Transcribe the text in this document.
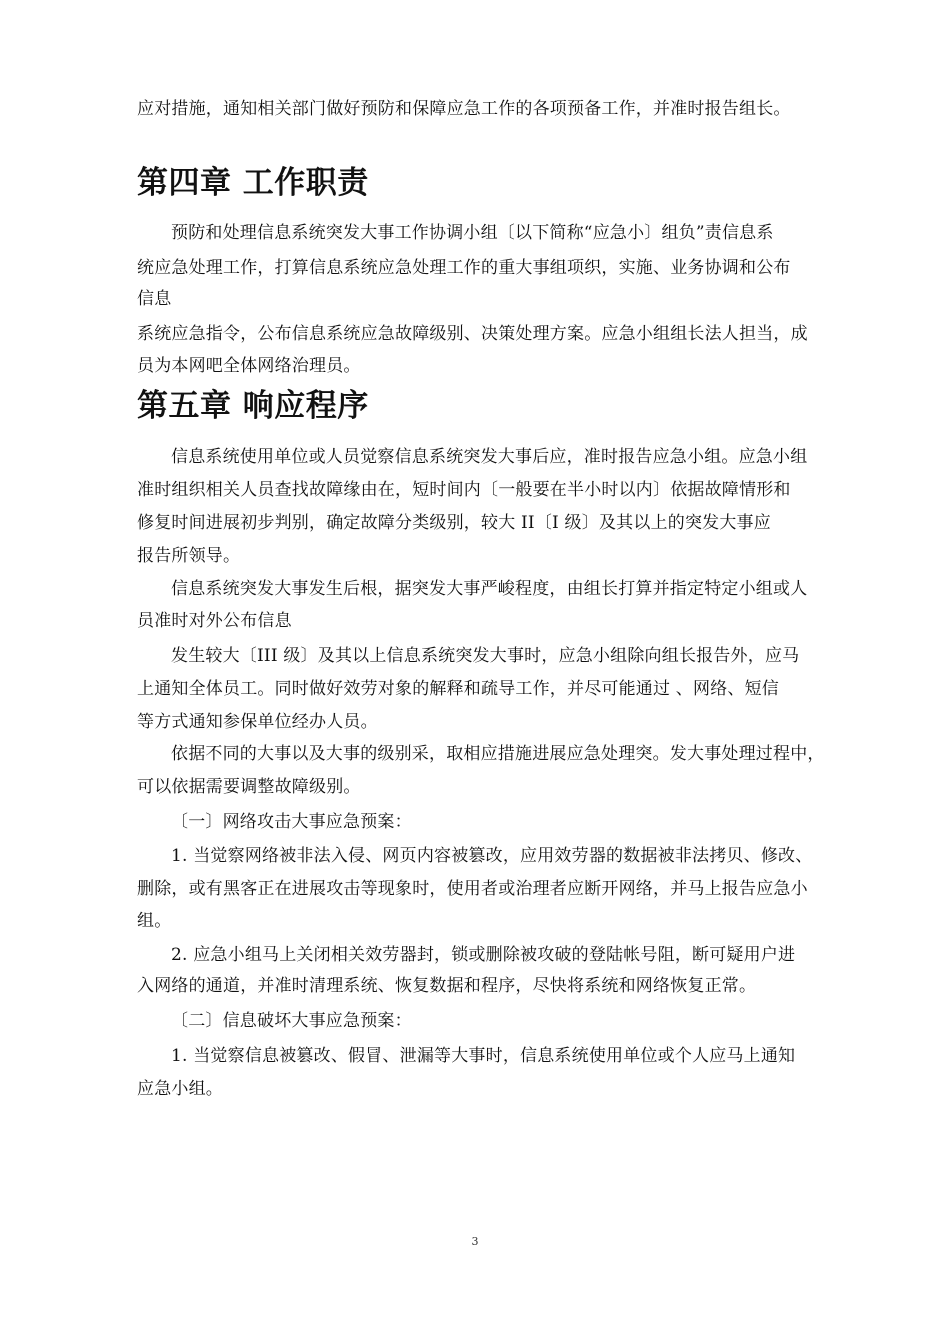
应对措施，通知相关部门做好预防和保障应急工作的各项预备工作，并准时报告组长。
第四章 工作职责
预防和处理信息系统突发大事工作协调小组〔以下简称“应急小〕组负”责信息系
统应急处理工作，打算信息系统应急处理工作的重大事组项织，实施、业务协调和公布
信息
系统应急指令，公布信息系统应急故障级别、决策处理方案。应急小组组长法人担当，成
员为本网吧全体网络治理员。
第五章 响应程序
信息系统使用单位或人员觉察信息系统突发大事后应，准时报告应急小组。应急小组
准时组织相关人员查找故障缘由在，短时间内〔一般要在半小时以内〕依据故障情形和
修复时间进展初步判别，确定故障分类级别，较大 II〔I 级〕及其以上的突发大事应
报告所领导。
信息系统突发大事发生后根，据突发大事严峻程度，由组长打算并指定特定小组或人
员准时对外公布信息
发生较大〔III 级〕及其以上信息系统突发大事时，应急小组除向组长报告外，应马
上通知全体员工。同时做好效劳对象的解释和疏导工作，并尽可能通过 、网络、短信
等方式通知参保单位经办人员。
依据不同的大事以及大事的级别采，取相应措施进展应急处理突。发大事处理过程中，
可以依据需要调整故障级别。
〔一〕网络攻击大事应急预案：
1. 当觉察网络被非法入侵、网页内容被篡改，应用效劳器的数据被非法拷贝、修改、
删除，或有黑客正在进展攻击等现象时，使用者或治理者应断开网络，并马上报告应急小
组。
2. 应急小组马上关闭相关效劳器封，锁或删除被攻破的登陆帐号阻，断可疑用户进
入网络的通道，并准时清理系统、恢复数据和程序，尽快将系统和网络恢复正常。
〔二〕信息破坏大事应急预案：
1. 当觉察信息被篡改、假冒、泄漏等大事时，信息系统使用单位或个人应马上通知
应急小组。
3
